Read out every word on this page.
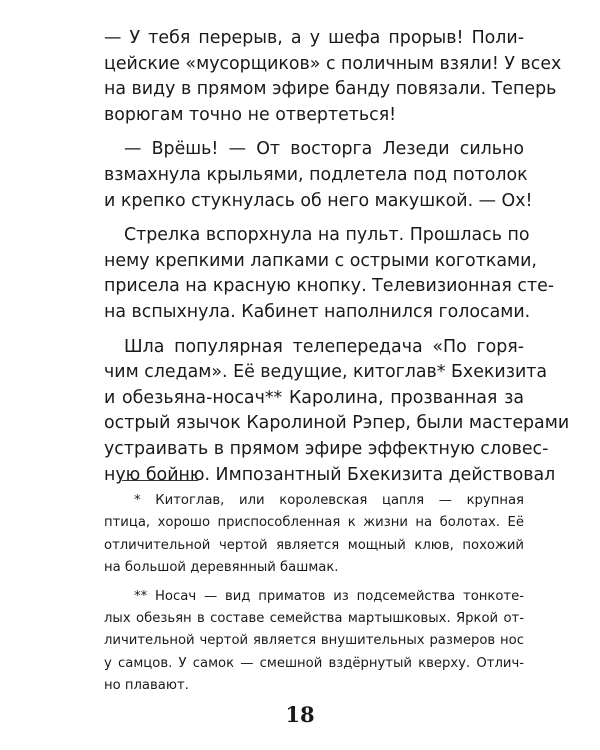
— У тебя перерыв, а у шефа прорыв! Поли-
цейские «мусорщиков» с поличным взяли! У всех
на виду в прямом эфире банду повязали. Теперь
ворюгам точно не отвертеться!

— Врёшь! — От восторга Лезеди сильно
взмахнула крыльями, подлетела под потолок
и крепко стукнулась об него макушкой. — Ох!

Стрелка вспорхнула на пульт. Прошлась по
нему крепкими лапками с острыми коготками,
присела на красную кнопку. Телевизионная сте-
на вспыхнула. Кабинет наполнился голосами.

Шла популярная телепередача «По горя-
чим следам». Её ведущие, китоглав* Бхекизита
и обезьяна-носач** Каролина, прозванная за
острый язычок Каролиной Рэпер, были мастерами
устраивать в прямом эфире эффектную словес-
ную бойню. Импозантный Бхекизита действовал

* Китоглав, или королевская цапля — крупная
птица, хорошо приспособленная к жизни на болотах. Её
отличительной чертой является мощный клюв, похожий
на большой деревянный башмак.

** Носач — вид приматов из подсемейства тонкоте-
лых обезьян в составе семейства мартышковых. Яркой от-
личительной чертой является внушительных размеров нос
у самцов. У самок — смешной вздёрнутый кверху. Отлич-
но плавают.

18
